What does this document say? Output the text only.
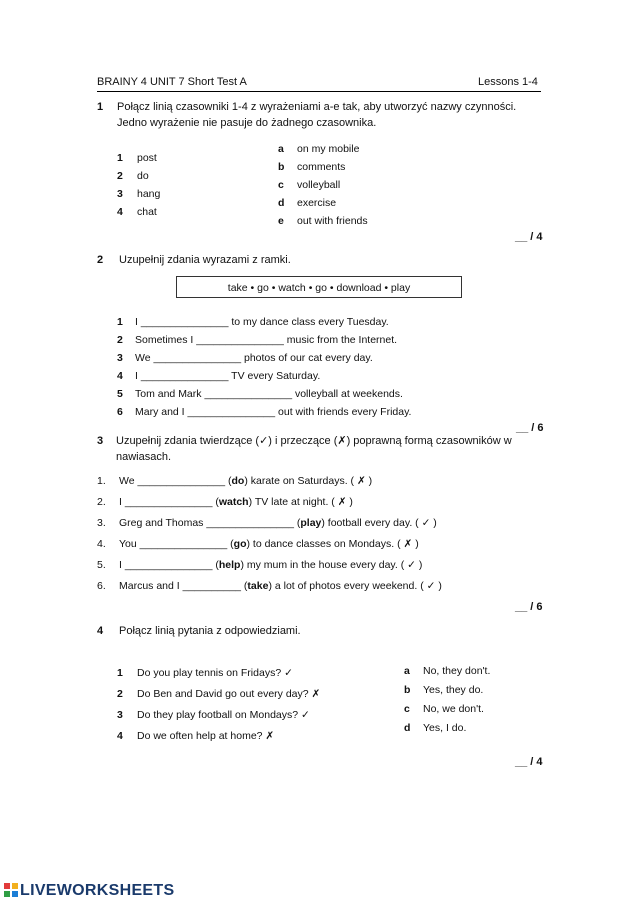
BRAINY 4 UNIT 7 Short Test A	Lessons 1-4
1 Połącz linią czasowniki 1-4 z wyrażeniami a-e tak, aby utworzyć nazwy czynności. Jedno wyrażenie nie pasuje do żadnego czasownika.
1 post
2 do
3 hang
4 chat
a on my mobile
b comments
c volleyball
d exercise
e out with friends
__ / 4
2 Uzupełnij zdania wyrazami z ramki.
take • go • watch • go • download • play
1 I _______________ to my dance class every Tuesday.
2 Sometimes I _______________ music from the Internet.
3 We _______________ photos of our cat every day.
4 I _______________ TV every Saturday.
5 Tom and Mark _______________ volleyball at weekends.
6 Mary and I _______________ out with friends every Friday.
__ / 6
3 Uzupełnij zdania twierdzące (✓) i przeczące (✗) poprawną formą czasowników w nawiasach.
1. We _______________ (do) karate on Saturdays. ( ✗ )
2. I _______________ (watch) TV late at night. ( ✗ )
3. Greg and Thomas _______________ (play) football every day. ( ✓ )
4. You _______________ (go) to dance classes on Mondays. ( ✗ )
5. I _______________ (help) my mum in the house every day. ( ✓ )
6. Marcus and I __________ (take) a lot of photos every weekend. ( ✓ )
__ / 6
4 Połącz linią pytania z odpowiedziami.
1 Do you play tennis on Fridays? ✓
2 Do Ben and David go out every day? ✗
3 Do they play football on Mondays? ✓
4 Do we often help at home? ✗
a No, they don't.
b Yes, they do.
c No, we don't.
d Yes, I do.
__ / 4
LIVEWORKSHEETS
